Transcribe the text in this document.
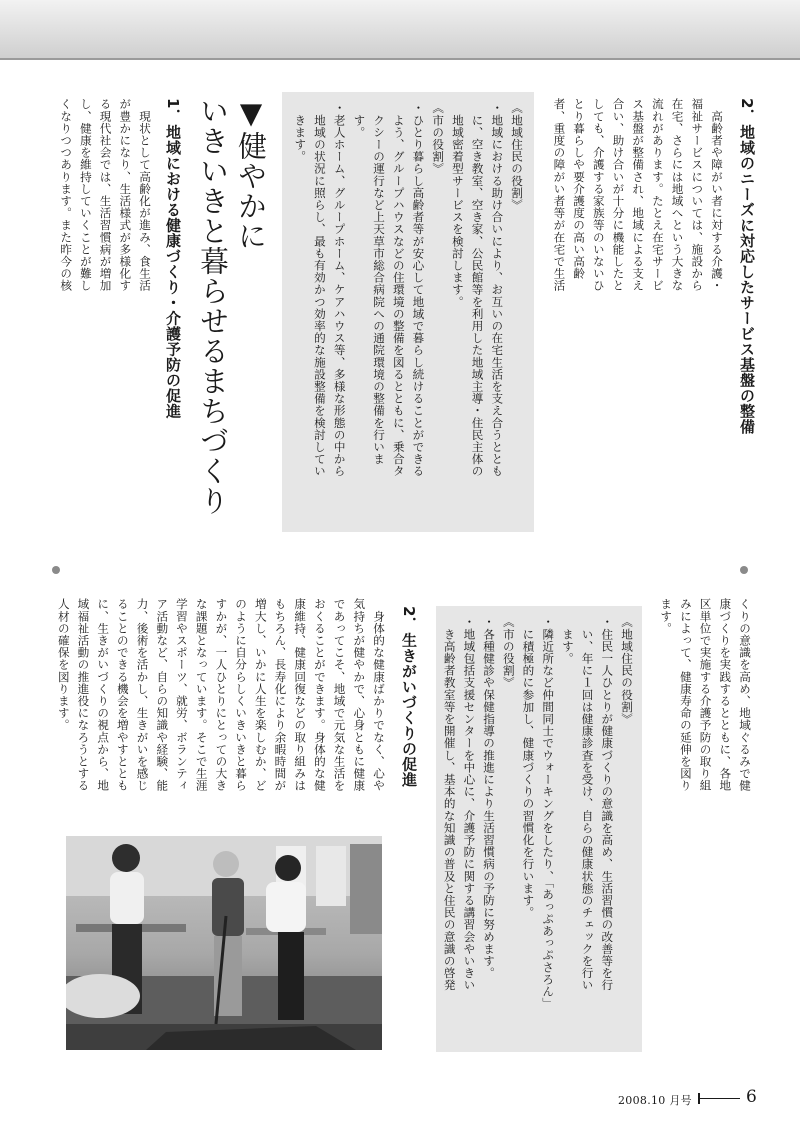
2．地域のニーズに対応したサービス基盤の整備
　高齢者や障がい者に対する介護・
福祉サービスについては、施設から
在宅、さらには地域へという大きな
流れがあります。たとえ在宅サービ
ス基盤が整備され、地域による支え
合い、助け合いが十分に機能したと
しても、介護する家族等のいないひ
とり暮らしや要介護度の高い高齢
者、重度の障がい者等が在宅で生活

《地域住民の役割》
・地域における助け合いにより、お互いの在宅生活を支え合うととも
　に、空き教室、空き家、公民館等を利用した地域主導・住民主体の
　地域密着型サービスを検討します。
《市の役割》
・ひとり暮らし高齢者等が安心して地域で暮らし続けることができる
　よう、グループハウスなどの住環境の整備を図るとともに、乗合タ
　クシーの運行など上天草市総合病院への通院環境の整備を行いま
　す。
・老人ホーム、グループホーム、ケアハウス等、多様な形態の中から
　地域の状況に照らし、最も有効かつ効率的な施設整備を検討してい
　きます。
▼健やかに
いきいきと暮らせるまちづくり
1．地域における健康づくり・介護予防の促進
　現状として高齢化が進み、食生活
が豊かになり、生活様式が多様化す
る現代社会では、生活習慣病が増加
し、健康を維持していくことが難し
くなりつつあります。また昨今の核

くりの意識を高め、地域ぐるみで健
康づくりを実践するとともに、各地
区単位で実施する介護予防の取り組
みによって、健康寿命の延伸を図り
ます。
《地域住民の役割》
・住民一人ひとりが健康づくりの意識を高め、生活習慣の改善等を行
　い、年に１回は健康診査を受け、自らの健康状態のチェックを行い
　ます。
・隣近所など仲間同士でウォーキングをしたり、「あっぷあっぷさろん」
　に積極的に参加し、健康づくりの習慣化を行います。
《市の役割》
・各種健診や保健指導の推進により生活習慣病の予防に努めます。
・地域包括支援センターを中心に、介護予防に関する講習会やいきい
　き高齢者教室等を開催し、基本的な知識の普及と住民の意識の啓発

2．生きがいづくりの促進
　身体的な健康ばかりでなく、心や
気持ちが健やかで、心身ともに健康
であってこそ、地域で元気な生活を
おくることができます。身体的な健
康維持、健康回復などの取り組みは
もちろん、長寿化により余暇時間が
増大し、いかに人生を楽しむか、ど
のように自分らしくいきいきと暮ら
すかが、一人ひとりにとっての大き
な課題となっています。そこで生涯
学習やスポーツ、就労、ボランティ
ア活動など、自らの知識や経験、能
力、後術を活かし、生きがいを感じ
ることのできる機会を増やすととも
に、生きがいづくりの視点から、地
域福祉活動の推進役になろうとする
人材の確保を図ります。
2008.10 月号	6
